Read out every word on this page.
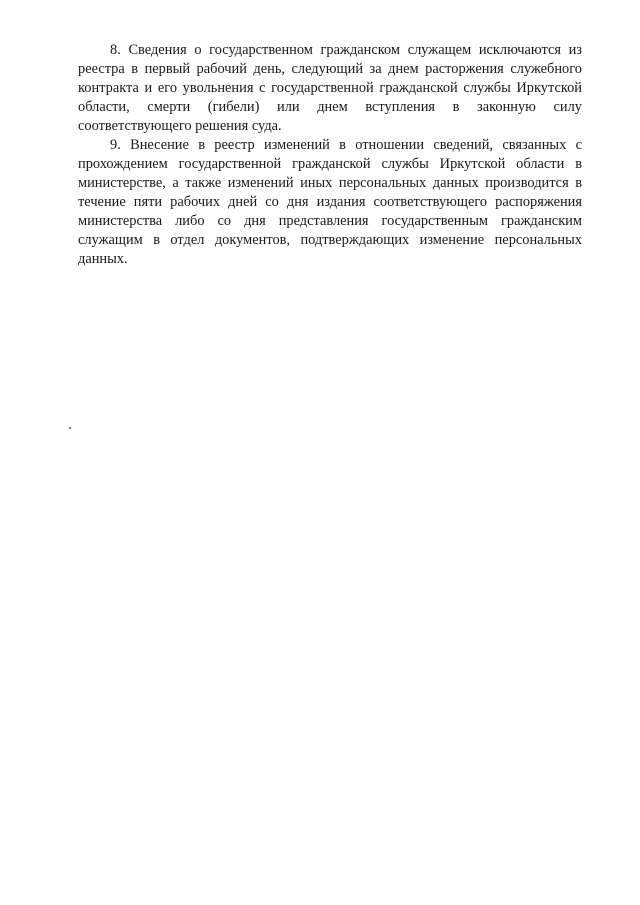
8. Сведения о государственном гражданском служащем исключаются из реестра в первый рабочий день, следующий за днем расторжения служебного контракта и его увольнения с государственной гражданской службы Иркутской области, смерти (гибели) или днем вступления в законную силу соответствующего решения суда.

9. Внесение в реестр изменений в отношении сведений, связанных с прохождением государственной гражданской службы Иркутской области в министерстве, а также изменений иных персональных данных производится в течение пяти рабочих дней со дня издания соответствующего распоряжения министерства либо со дня представления государственным гражданским служащим в отдел документов, подтверждающих изменение персональных данных.
